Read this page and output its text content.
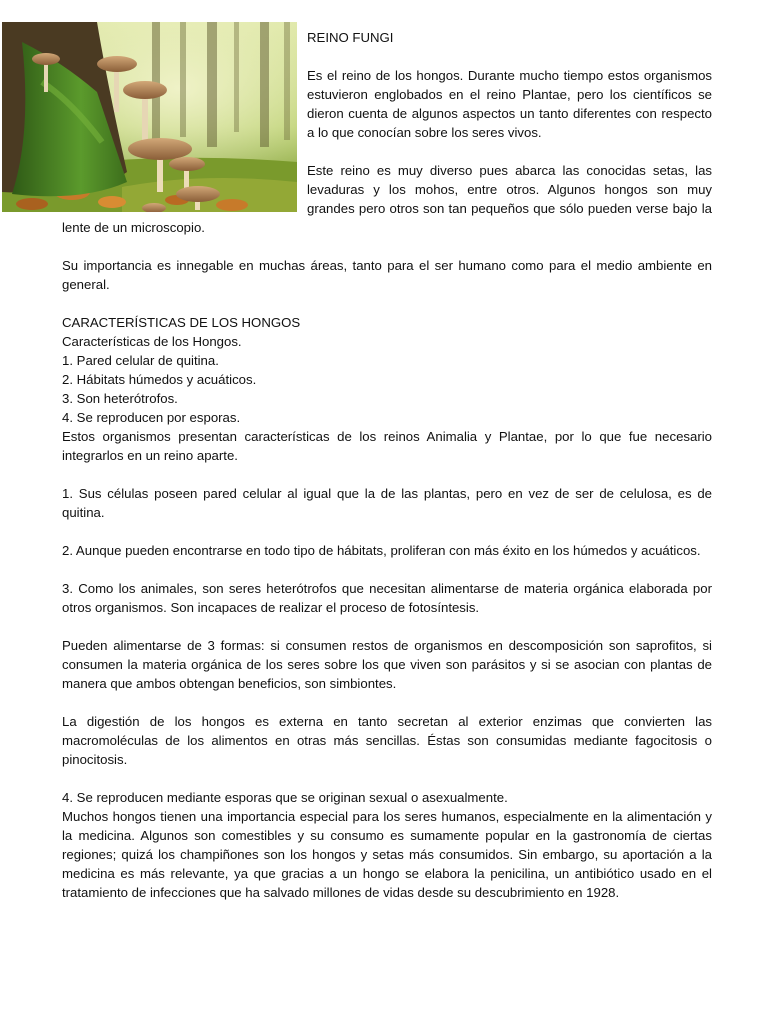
REINO FUNGI

Es el reino de los hongos. Durante mucho tiempo estos organismos estuvieron englobados en el reino Plantae, pero los científicos se dieron cuenta de algunos aspectos un tanto diferentes con respecto a lo que conocían sobre los seres vivos.

Este reino es muy diverso pues abarca las conocidas setas, las levaduras y los mohos, entre otros. Algunos hongos son muy grandes pero otros son tan pequeños que sólo pueden verse bajo la lente de un microscopio.

Su importancia es innegable en muchas áreas, tanto para el ser humano como para el medio ambiente en general.

CARACTERÍSTICAS DE LOS HONGOS

Características de los Hongos.

1. Pared celular de quitina.

2. Hábitats húmedos y acuáticos.

3. Son heterótrofos.

4. Se reproducen por esporas.

Estos organismos presentan características de los reinos Animalia y Plantae, por lo que fue necesario integrarlos en un reino aparte.

1. Sus células poseen pared celular al igual que la de las plantas, pero en vez de ser de celulosa, es de quitina.

2. Aunque pueden encontrarse en todo tipo de hábitats, proliferan con más éxito en los húmedos y acuáticos.

3. Como los animales, son seres heterótrofos que necesitan alimentarse de materia orgánica elaborada por otros organismos. Son incapaces de realizar el proceso de fotosíntesis.

Pueden alimentarse de 3 formas: si consumen restos de organismos en descomposición son saprofitos, si consumen la materia orgánica de los seres sobre los que viven son parásitos y si se asocian con plantas de manera que ambos obtengan beneficios, son simbiontes.

La digestión de los hongos es externa en tanto secretan al exterior enzimas que convierten las macromoléculas de los alimentos en otras más sencillas. Éstas son consumidas mediante fagocitosis o pinocitosis.

4. Se reproducen mediante esporas que se originan sexual o asexualmente.

Muchos hongos tienen una importancia especial para los seres humanos, especialmente en la alimentación y la medicina. Algunos son comestibles y su consumo es sumamente popular en la gastronomía de ciertas regiones; quizá los champiñones son los hongos y setas más consumidos. Sin embargo, su aportación a la medicina es más relevante, ya que gracias a un hongo se elabora la penicilina, un antibiótico usado en el tratamiento de infecciones que ha salvado millones de vidas desde su descubrimiento en 1928.
